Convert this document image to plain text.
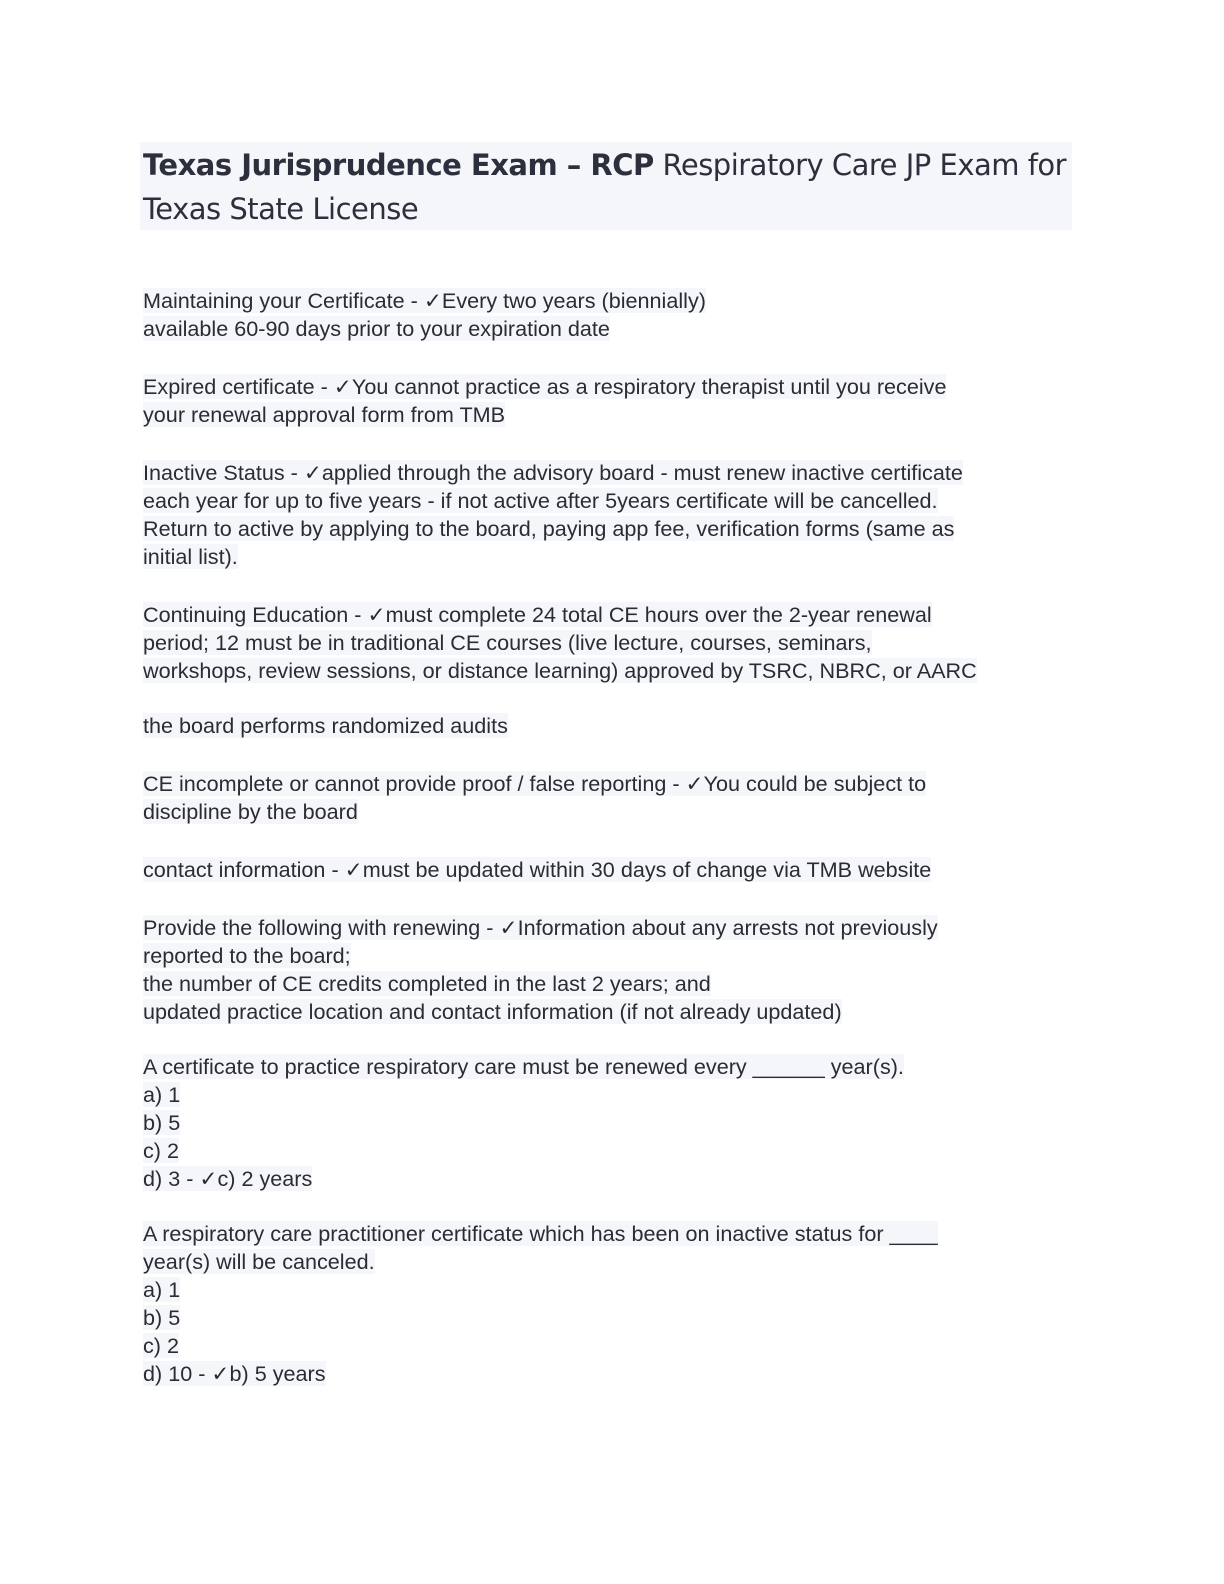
Texas Jurisprudence Exam – RCP Respiratory Care JP Exam for Texas State License

Maintaining your Certificate - ✓Every two years (biennially)
available 60-90 days prior to your expiration date

Expired certificate - ✓You cannot practice as a respiratory therapist until you receive
your renewal approval form from TMB

Inactive Status - ✓applied through the advisory board - must renew inactive certificate
each year for up to five years - if not active after 5years certificate will be cancelled.
Return to active by applying to the board, paying app fee, verification forms (same as
initial list).

Continuing Education - ✓must complete 24 total CE hours over the 2-year renewal
period; 12 must be in traditional CE courses (live lecture, courses, seminars,
workshops, review sessions, or distance learning) approved by TSRC, NBRC, or AARC

the board performs randomized audits

CE incomplete or cannot provide proof / false reporting - ✓You could be subject to
discipline by the board

contact information - ✓must be updated within 30 days of change via TMB website

Provide the following with renewing - ✓Information about any arrests not previously
reported to the board;
the number of CE credits completed in the last 2 years; and
updated practice location and contact information (if not already updated)

A certificate to practice respiratory care must be renewed every ______ year(s).
a) 1
b) 5
c) 2
d) 3 - ✓c) 2 years

A respiratory care practitioner certificate which has been on inactive status for ____
year(s) will be canceled.
a) 1
b) 5
c) 2
d) 10 - ✓b) 5 years
